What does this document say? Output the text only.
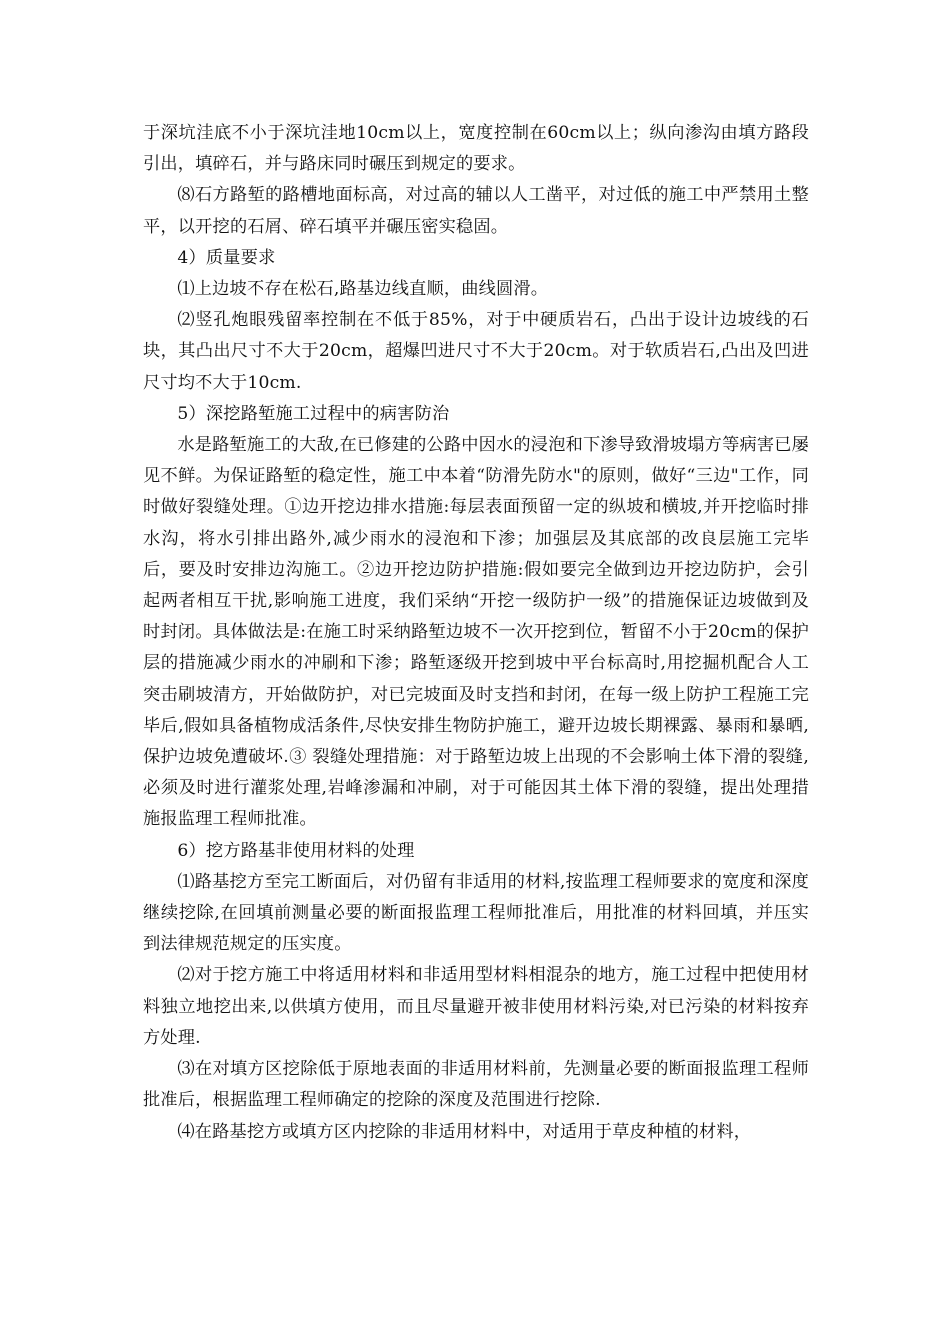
于深坑洼底不小于深坑洼地10cm以上，宽度控制在60cm以上；纵向渗沟由填方路段引出，填碎石，并与路床同时碾压到规定的要求。

⑻石方路堑的路槽地面标高，对过高的辅以人工凿平，对过低的施工中严禁用土整平，以开挖的石屑、碎石填平并碾压密实稳固。

4）质量要求

⑴上边坡不存在松石,路基边线直顺，曲线圆滑。

⑵竖孔炮眼残留率控制在不低于85%，对于中硬质岩石，凸出于设计边坡线的石块，其凸出尺寸不大于20cm，超爆凹进尺寸不大于20cm。对于软质岩石,凸出及凹进尺寸均不大于10cm.

5）深挖路堑施工过程中的病害防治

水是路堑施工的大敌,在已修建的公路中因水的浸泡和下渗导致滑坡塌方等病害已屡见不鲜。为保证路堑的稳定性，施工中本着“防滑先防水"的原则，做好“三边"工作，同时做好裂缝处理。①边开挖边排水措施:每层表面预留一定的纵坡和横坡,并开挖临时排水沟，将水引排出路外,减少雨水的浸泡和下渗；加强层及其底部的改良层施工完毕后，要及时安排边沟施工。②边开挖边防护措施:假如要完全做到边开挖边防护，会引起两者相互干扰,影响施工进度，我们采纳“开挖一级防护一级”的措施保证边坡做到及时封闭。具体做法是:在施工时采纳路堑边坡不一次开挖到位，暂留不小于20cm的保护层的措施减少雨水的冲刷和下渗；路堑逐级开挖到坡中平台标高时,用挖掘机配合人工突击刷坡清方，开始做防护，对已完坡面及时支挡和封闭，在每一级上防护工程施工完毕后,假如具备植物成活条件,尽快安排生物防护施工，避开边坡长期裸露、暴雨和暴晒,保护边坡免遭破坏.③ 裂缝处理措施：对于路堑边坡上出现的不会影响土体下滑的裂缝,必须及时进行灌浆处理,岩峰渗漏和冲刷，对于可能因其土体下滑的裂缝，提出处理措施报监理工程师批准。

6）挖方路基非使用材料的处理

⑴路基挖方至完工断面后，对仍留有非适用的材料,按监理工程师要求的宽度和深度继续挖除,在回填前测量必要的断面报监理工程师批准后，用批准的材料回填，并压实到法律规范规定的压实度。

⑵对于挖方施工中将适用材料和非适用型材料相混杂的地方，施工过程中把使用材料独立地挖出来,以供填方使用，而且尽量避开被非使用材料污染,对已污染的材料按弃方处理.

⑶在对填方区挖除低于原地表面的非适用材料前，先测量必要的断面报监理工程师批准后，根据监理工程师确定的挖除的深度及范围进行挖除.

⑷在路基挖方或填方区内挖除的非适用材料中，对适用于草皮种植的材料，
